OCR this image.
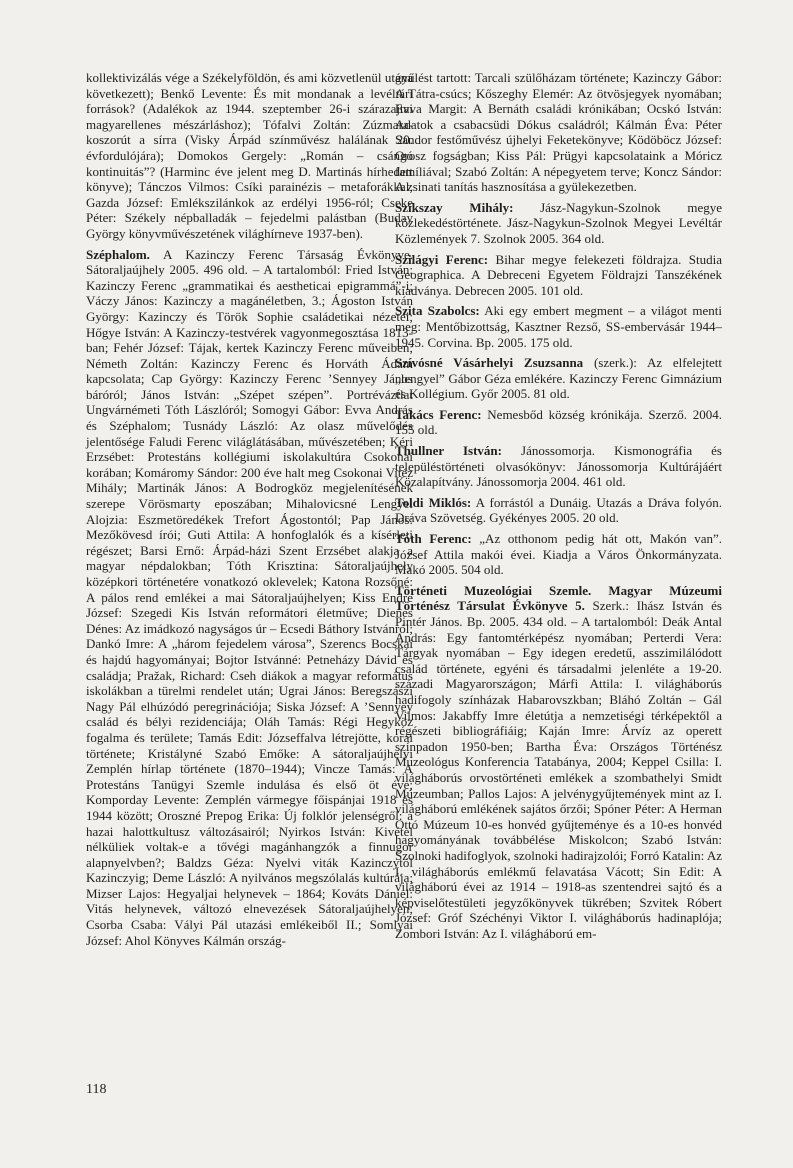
kollektivizálás vége a Székelyföldön, és ami közvetlenül utána következett); Benkő Levente: És mit mondanak a levéltári források? (Adalékok az 1944. szeptember 26-i szárazajtai magyarellenes mészárláshoz); Tófalvi Zoltán: Zúzmara-koszorút a sírra (Visky Árpád színművész halálának 20. évfordulójára); Domokos Gergely: „Román – csángó kontinuitás”? (Harminc éve jelent meg D. Martinás hírhedett könyve); Tánczos Vilmos: Csíki parainézis – metaforákkal; Gazda József: Emlékszilánkok az erdélyi 1956-ról; Cseke Péter: Székely népballadák – fejedelmi palástban (Buday György könyvművészetének világhírneve 1937-ben).

Széphalom. A Kazinczy Ferenc Társaság Évkönyve. Sátoraljaújhely 2005. 496 old. – A tartalomból: Fried István: Kazinczy Ferenc „grammatikai és aestheticai epigrammá”-i; Váczy János: Kazinczy a magánéletben, 3.; Ágoston István György: Kazinczy és Török Sophie családetikai nézetei; Hőgye István: A Kazinczy-testvérek vagyonmegosztása 1813-ban; Fehér József: Tájak, kertek Kazinczy Ferenc műveiben; Németh Zoltán: Kazinczy Ferenc és Horváth Ádám kapcsolata; Cap György: Kazinczy Ferenc ’Sennyey János báróról; János István: „Szépet szépen”. Portréváztlat Ungvárnémeti Tóth Lászlóról; Somogyi Gábor: Evva András és Széphalom; Tusnády László: Az olasz művelődés jelentősége Faludi Ferenc világlátásában, művészetében; Kéri Erzsébet: Protestáns kollégiumi iskolakultúra Csokonai korában; Komáromy Sándor: 200 éve halt meg Csokonai Vitéz Mihály; Martinák János: A Bodrogköz megjelenítésének szerepe Vörösmarty eposzában; Mihalovicsné Lengyel Alojzia: Eszmetöredékek Trefort Ágostontól; Pap János: Mezőkövesd írói; Guti Attila: A honfoglalók és a kísérleti régészet; Barsi Ernő: Árpád-házi Szent Erzsébet alakja a magyar népdalokban; Tóth Krisztina: Sátoraljaújhely középkori történetére vonatkozó oklevelek; Katona Rozsőné: A pálos rend emlékei a mai Sátoraljaújhelyen; Kiss Endre József: Szegedi Kis István reformátori életműve; Dienes Dénes: Az imádkozó nagyságos úr – Ecsedi Báthory Istvánról; Dankó Imre: A „három fejedelem városa”, Szerencs Bocskai és hajdú hagyományai; Bojtor Istvánné: Petneházy Dávid és családja; Pražak, Richard: Cseh diákok a magyar református iskolákban a türelmi rendelet után; Ugrai János: Beregszászi Nagy Pál elhúzódó peregrinációja; Siska József: A ’Sennyey család és bélyi rezidenciája; Oláh Tamás: Régi Hegyköz fogalma és területe; Tamás Edit: Józseffalva létrejötte, korai története; Kristályné Szabó Emőke: A sátoraljaújhelyi Zemplén hírlap története (1870–1944); Vincze Tamás: A Protestáns Tanügyi Szemle indulása és első öt éve; Komporday Levente: Zemplén vármegye főispánjai 1918 és 1944 között; Oroszné Prepog Erika: Új folklór jelenségről: a hazai halottkultusz változásairól; Nyirkos István: Kivétel nélküliek voltak-e a tővégi magánhangzók a finnugor alapnyelvben?; Baldzs Géza: Nyelvi viták Kazinczytól Kazinczyig; Deme László: A nyilvános megszólalás kultúrája; Mizser Lajos: Hegyaljai helynevek – 1864; Kováts Dániel: Vitás helynevek, változó elnevezések Sátoraljaújhelyen; Csorba Csaba: Vályi Pál utazási emlékeiből II.; Somlyai József: Ahol Könyves Kálmán ország-

gyűlést tartott: Tarcali szülőházam története; Kazinczy Gábor: A Tátra-csúcs; Kőszeghy Elemér: Az ötvösjegyek nyomában; Evva Margit: A Bernáth családi krónikában; Ocskó István: Adatok a csabacsüdi Dókus családról; Kálmán Éva: Péter Sándor festőművész újhelyi Feketekönyve; Ködöböcz József: Orosz fogságban; Kiss Pál: Prügyi kapcsolataink a Móricz famíliával; Szabó Zoltán: A népegyetem terve; Koncz Sándor: A zsinati tanítás hasznosítása a gyülekezetben.

Szikszay Mihály: Jász-Nagykun-Szolnok megye közlekedéstörténete. Jász-Nagykun-Szolnok Megyei Levéltár Közlemények 7. Szolnok 2005. 364 old.

Szilágyi Ferenc: Bihar megye felekezeti földrajza. Studia Geographica. A Debreceni Egyetem Földrajzi Tanszékének kiadványa. Debrecen 2005. 101 old.

Szita Szabolcs: Aki egy embert megment – a világot menti meg: Mentőbizottság, Kasztner Rezső, SS-embervásár 1944–1945. Corvina. Bp. 2005. 175 old.

Szívósné Vásárhelyi Zsuzsanna (szerk.): Az elfelejtett „lengyel” Gábor Géza emlékére. Kazinczy Ferenc Gimnázium és Kollégium. Győr 2005. 81 old.

Takács Ferenc: Nemesbőd község krónikája. Szerző. 2004. 155 old.

Thullner István: Jánossomorja. Kismonográfia és településtörténeti olvasókönyv: Jánossomorja Kultúrájáért Közalapítvány. Jánossomorja 2004. 461 old.

Toldi Miklós: A forrástól a Dunáig. Utazás a Dráva folyón. Dráva Szövetség. Gyékényes 2005. 20 old.

Tóth Ferenc: „Az otthonom pedig hát ott, Makón van”. József Attila makói évei. Kiadja a Város Önkormányzata. Makó 2005. 504 old.

Történeti Muzeológiai Szemle. Magyar Múzeumi Történész Társulat Évkönyve 5. Szerk.: Ihász István és Pintér János. Bp. 2005. 434 old. – A tartalomból: Deák Antal András: Egy fantomtérképész nyomában; Perterdi Vera: Tárgyak nyomában – Egy idegen eredetű, asszimilálódott család története, egyéni és társadalmi jelenléte a 19-20. századi Magyarországon; Márfi Attila: I. világháborús hadifogoly színházak Habarovszkban; Bláhó Zoltán – Gál Vilmos: Jakabffy Imre életútja a nemzetiségi térképektől a régészeti bibliográfiáig; Kaján Imre: Árvíz az operett színpadon 1950-ben; Bartha Éva: Országos Történész Muzeológus Konferencia Tatabánya, 2004; Keppel Csilla: I. világháborús orvostörténeti emlékek a szombathelyi Smidt Múzeumban; Pallos Lajos: A jelvénygyűjtemények mint az I. világháború emlékének sajátos őrzői; Spóner Péter: A Herman Ottó Múzeum 10-es honvéd gyűjteménye és a 10-es honvéd hagyományának továbbélése Miskolcon; Szabó István: Szolnoki hadifoglyok, szolnoki hadirajzolói; Forró Katalin: Az I. világháborús emlékmű felavatása Vácott; Sin Edit: A világháború évei az 1914 – 1918-as szentendrei sajtó és a képviselőtestületi jegyzőkönyvek tükrében; Szvitek Róbert József: Gróf Széchényi Viktor I. világháborús hadinaplója; Zombori István: Az I. világháború em-

118
